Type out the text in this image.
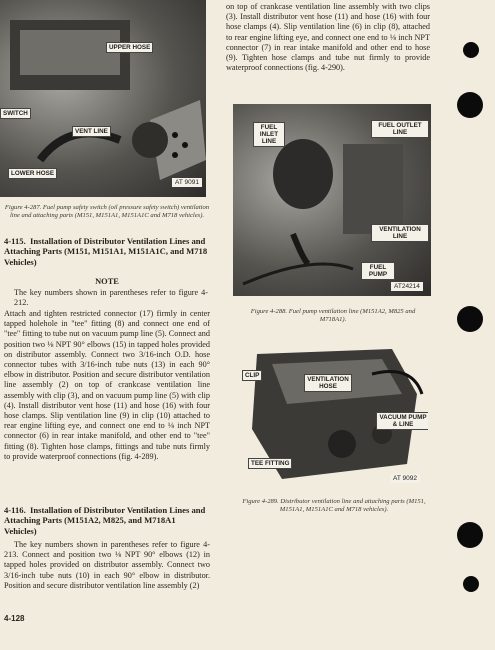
UPPER HOSE
SWITCH
VENT LINE
LOWER HOSE
AT 9091
Figure 4-287. Fuel pump safety switch (oil pressure safety switch) ventilation line and attaching parts (M151, M151A1, M151A1C and M718 vehicles).
4-115. Installation of Distributor Ventilation Lines and Attaching Parts (M151, M151A1, M151A1C, and M718 Vehicles)
NOTE

The key numbers shown in parentheses refer to figure 4-212.

Attach and tighten restricted connector (17) firmly in center tapped holehole in "tee" fitting (8) and connect one end of "tee" fitting to tube nut on vacuum pump line (5). Connect and position two ⅛ NPT 90° elbows (15) in tapped holes provided on distributor assembly. Connect two 3/16-inch O.D. hose connector tubes with 3/16-inch tube nuts (13) in each 90° elbow in distributor. Position and secure distributor ventilation line assembly (2) on top of crankcase ventilation line assembly with clip (3), and on vacuum pump line (5) with clip (4). Install distributor vent hose (11) and hose (16) with four hose clamps. Slip ventilation line (9) in clip (10) attached to rear engine lifting eye, and connect one end to ⅛ inch NPT connector (6) in rear intake manifold, and other end to "tee" fitting (8). Tighten hose clamps, fittings and tube nuts firmly to provide waterproof connections (fig. 4-289).

4-116. Installation of Distributor Ventilation Lines and Attaching Parts (M151A2, M825, and M718A1 Vehicles)

The key numbers shown in parentheses refer to figure 4-213. Connect and position two ⅛ NPT 90° elbows (12) in tapped holes provided on distributor assembly. Connect two 3/16-inch tube nuts (10) in each 90° elbow in distributor. Position and secure distributor ventilation line assembly (2)

on top of crankcase ventilation line assembly with two clips (3). Install distributor vent hose (11) and hose (16) with four hose clamps (4). Slip ventilation line (6) in clip (8), attached to rear engine lifting eye, and connect one end to ⅛ inch NPT connector (7) in rear intake manifold and other end to hose (9). Tighten hose clamps and tube nut firmly to provide waterproof connections (fig. 4-290).

FUEL INLET LINE
FUEL OUTLET LINE
VENTILATION LINE
FUEL PUMP
AT24214
Figure 4-288. Fuel pump ventilation line (M151A2, M825 and M718A1).
CLIP
VENTILATION HOSE
VACUUM PUMP & LINE
TEE FITTING
AT 9092
Figure 4-289. Distributor ventilation line and attaching parts (M151, M151A1, M151A1C and M718 vehicles).
4-128
